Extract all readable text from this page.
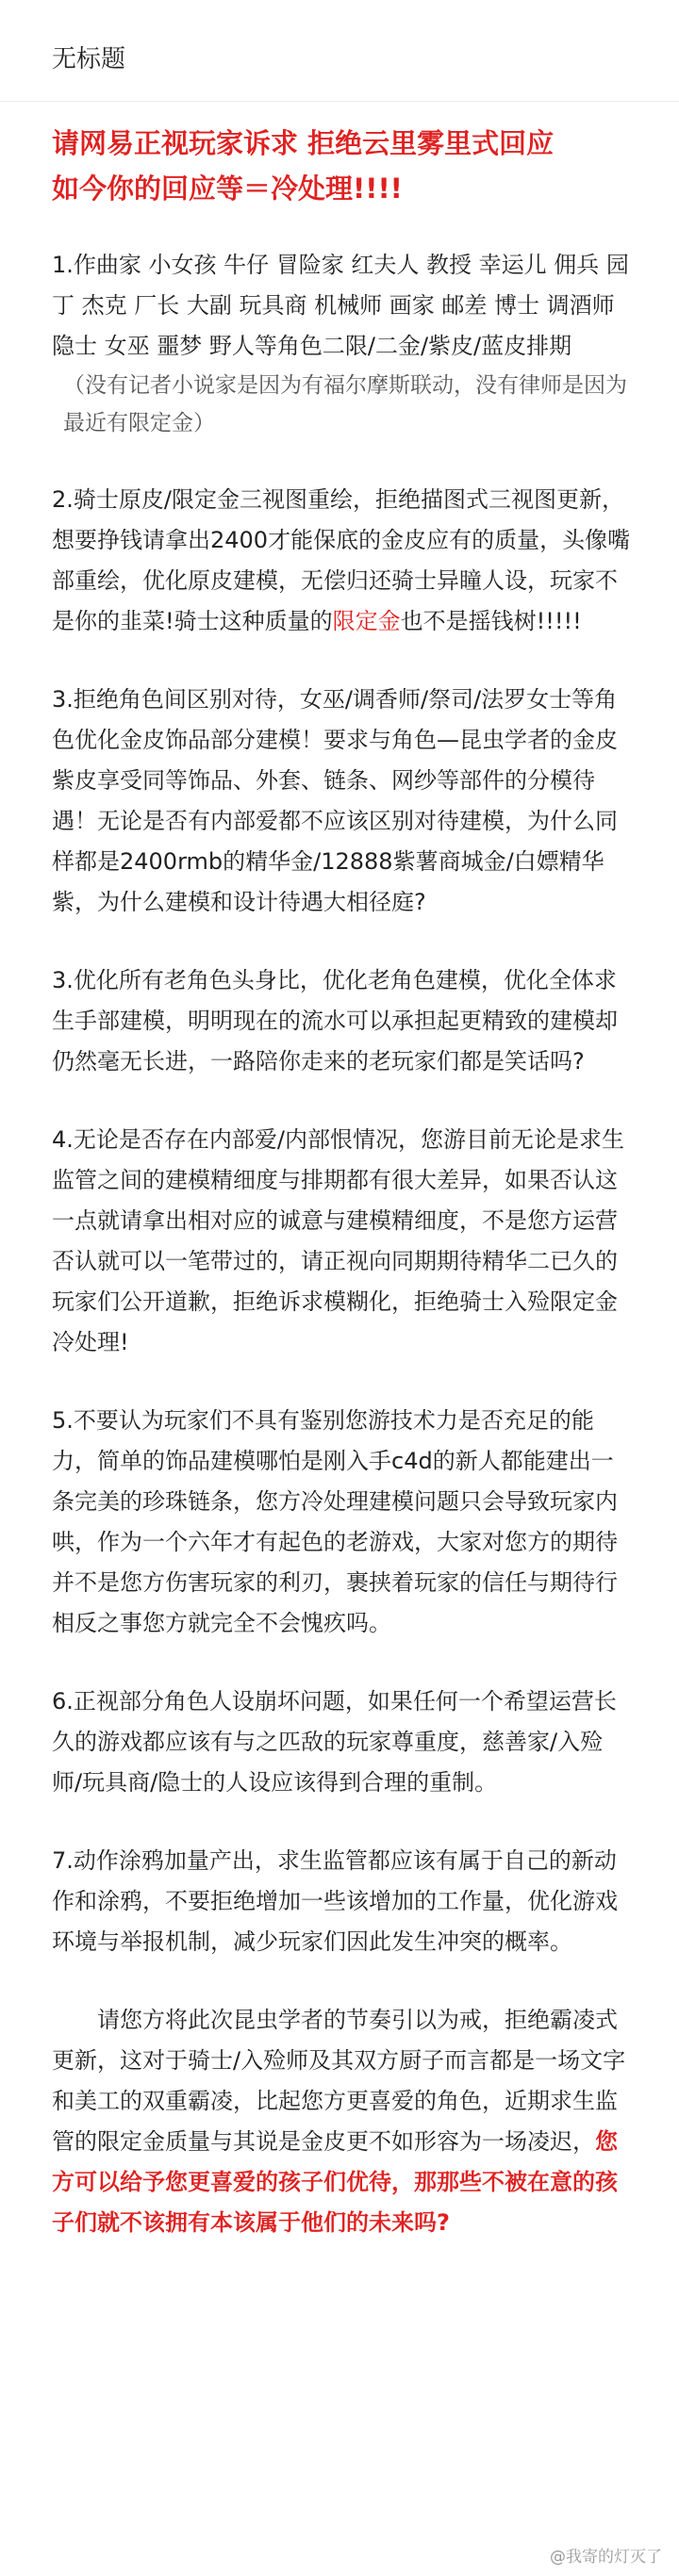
无标题

请网易正视玩家诉求 拒绝云里雾里式回应

如今你的回应等＝冷处理!!!!

1.作曲家 小女孩 牛仔 冒险家 红夫人 教授 幸运儿 佣兵 园丁 杰克 厂长 大副 玩具商 机械师 画家 邮差 博士 调酒师 隐士 女巫 噩梦 野人等角色二限/二金/紫皮/蓝皮排期

（没有记者小说家是因为有福尔摩斯联动，没有律师是因为最近有限定金）

2.骑士原皮/限定金三视图重绘，拒绝描图式三视图更新，想要挣钱请拿出2400才能保底的金皮应有的质量，头像嘴部重绘，优化原皮建模，无偿归还骑士异瞳人设，玩家不是你的韭菜!骑士这种质量的限定金也不是摇钱树!!!!!

3.拒绝角色间区别对待，女巫/调香师/祭司/法罗女士等角色优化金皮饰品部分建模！要求与角色—昆虫学者的金皮紫皮享受同等饰品、外套、链条、网纱等部件的分模待遇！无论是否有内部爱都不应该区别对待建模，为什么同样都是2400rmb的精华金/12888紫薯商城金/白嫖精华紫，为什么建模和设计待遇大相径庭?

3.优化所有老角色头身比，优化老角色建模，优化全体求生手部建模，明明现在的流水可以承担起更精致的建模却仍然毫无长进，一路陪你走来的老玩家们都是笑话吗?

4.无论是否存在内部爱/内部恨情况，您游目前无论是求生监管之间的建模精细度与排期都有很大差异，如果否认这一点就请拿出相对应的诚意与建模精细度，不是您方运营否认就可以一笔带过的，请正视向同期期待精华二已久的玩家们公开道歉，拒绝诉求模糊化，拒绝骑士入殓限定金冷处理!

5.不要认为玩家们不具有鉴别您游技术力是否充足的能力，简单的饰品建模哪怕是刚入手c4d的新人都能建出一条完美的珍珠链条，您方冷处理建模问题只会导致玩家内哄，作为一个六年才有起色的老游戏，大家对您方的期待并不是您方伤害玩家的利刃，裹挟着玩家的信任与期待行相反之事您方就完全不会愧疚吗。

6.正视部分角色人设崩坏问题，如果任何一个希望运营长久的游戏都应该有与之匹敌的玩家尊重度，慈善家/入殓师/玩具商/隐士的人设应该得到合理的重制。

7.动作涂鸦加量产出，求生监管都应该有属于自己的新动作和涂鸦，不要拒绝增加一些该增加的工作量，优化游戏环境与举报机制，减少玩家们因此发生冲突的概率。

请您方将此次昆虫学者的节奏引以为戒，拒绝霸凌式更新，这对于骑士/入殓师及其双方厨子而言都是一场文字和美工的双重霸凌，比起您方更喜爱的角色，近期求生监管的限定金质量与其说是金皮更不如形容为一场凌迟，您方可以给予您更喜爱的孩子们优待，那那些不被在意的孩子们就不该拥有本该属于他们的未来吗?

@我寄的灯灭了
